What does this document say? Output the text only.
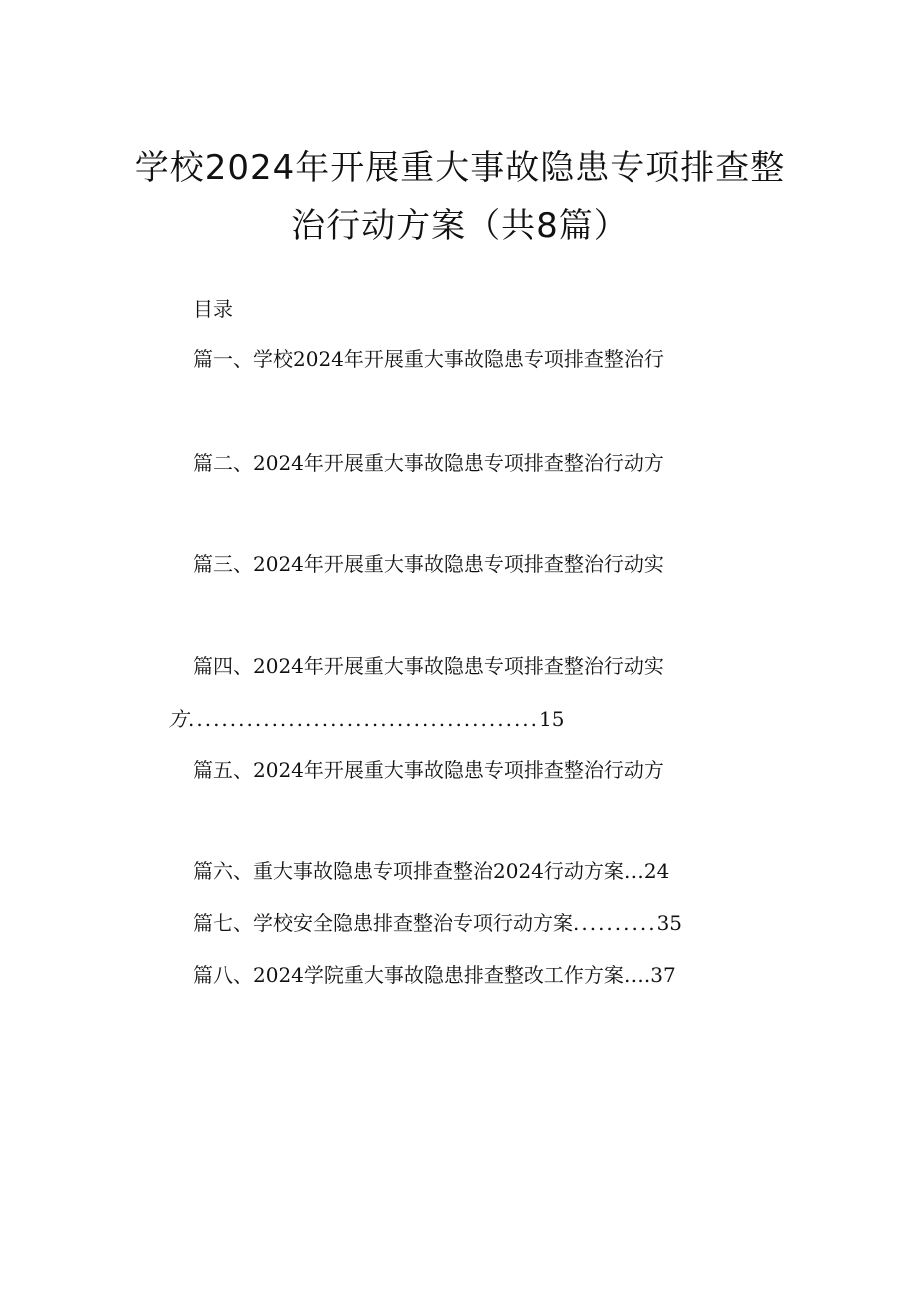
学校2024年开展重大事故隐患专项排查整
治行动方案（共8篇）
目录
篇一、学校2024年开展重大事故隐患专项排查整治行
篇二、2024年开展重大事故隐患专项排查整治行动方
篇三、2024年开展重大事故隐患专项排查整治行动实
篇四、2024年开展重大事故隐患专项排查整治行动实
方..........................................15
篇五、2024年开展重大事故隐患专项排查整治行动方
篇六、重大事故隐患专项排查整治2024行动方案…24
篇七、学校安全隐患排查整治专项行动方案..........35
篇八、2024学院重大事故隐患排查整改工作方案….37
